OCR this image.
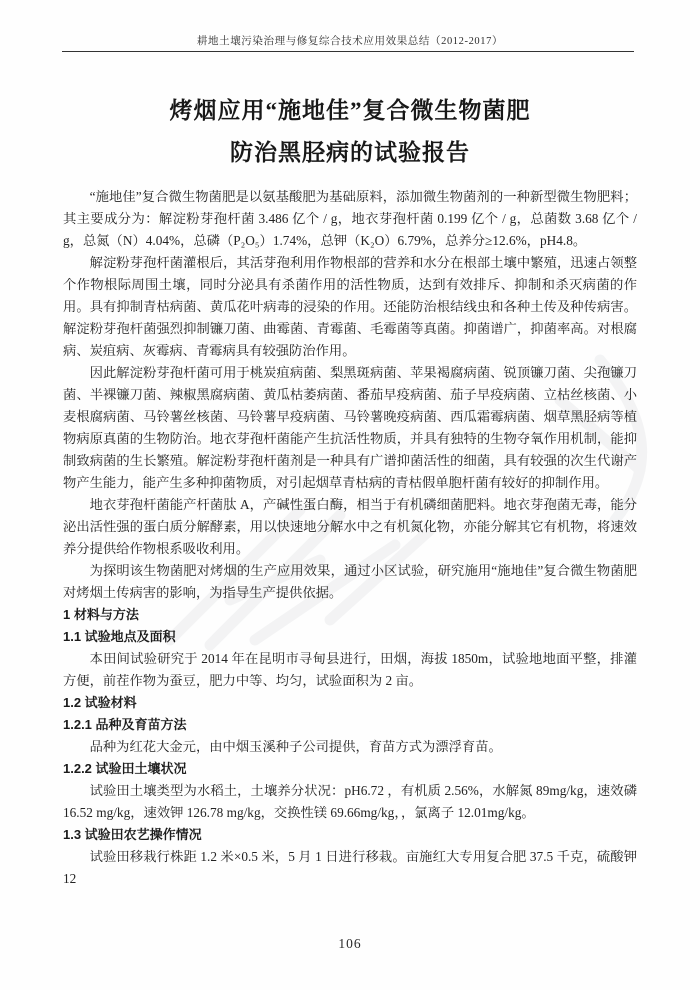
耕地土壤污染治理与修复综合技术应用效果总结（2012-2017）
烤烟应用“施地佳”复合微生物菌肥
防治黑胫病的试验报告

“施地佳”复合微生物菌肥是以氨基酸肥为基础原料，添加微生物菌剂的一种新型微生物肥料；其主要成分为：解淀粉芽孢杆菌 3.486 亿个 / g，地衣芽孢杆菌 0.199 亿个 / g，总菌数 3.68 亿个 / g，总氮（N）4.04%，总磷（P₂O₅）1.74%，总钾（K₂O）6.79%，总养分≥12.6%，pH4.8。

解淀粉芽孢杆菌灌根后，其活芽孢利用作物根部的营养和水分在根部土壤中繁殖，迅速占领整个作物根际周围土壤，同时分泌具有杀菌作用的活性物质，达到有效排斥、抑制和杀灭病菌的作用。具有抑制青枯病菌、黄瓜花叶病毒的浸染的作用。还能防治根结线虫和各种土传及种传病害。解淀粉芽孢杆菌强烈抑制镰刀菌、曲霉菌、青霉菌、毛霉菌等真菌。抑菌谱广，抑菌率高。对根腐病、炭疽病、灰霉病、青霉病具有较强防治作用。

因此解淀粉芽孢杆菌可用于桃炭疽病菌、梨黑斑病菌、苹果褐腐病菌、锐顶镰刀菌、尖孢镰刀菌、半裸镰刀菌、辣椒黑腐病菌、黄瓜枯萎病菌、番茄早疫病菌、茄子早疫病菌、立枯丝核菌、小麦根腐病菌、马铃薯丝核菌、马铃薯早疫病菌、马铃薯晚疫病菌、西瓜霜霉病菌、烟草黑胫病等植物病原真菌的生物防治。地衣芽孢杆菌能产生抗活性物质，并具有独特的生物夺氧作用机制，能抑制致病菌的生长繁殖。解淀粉芽孢杆菌剂是一种具有广谱抑菌活性的细菌，具有较强的次生代谢产物产生能力，能产生多种抑菌物质，对引起烟草青枯病的青枯假单胞杆菌有较好的抑制作用。

地衣芽孢杆菌能产杆菌肽 A，产碱性蛋白酶，相当于有机磷细菌肥料。地衣芽孢菌无毒，能分泌出活性强的蛋白质分解酵素，用以快速地分解水中之有机氮化物，亦能分解其它有机物，将速效养分提供给作物根系吸收利用。

为探明该生物菌肥对烤烟的生产应用效果，通过小区试验，研究施用“施地佳”复合微生物菌肥对烤烟土传病害的影响，为指导生产提供依据。

1 材料与方法

1.1 试验地点及面积

本田间试验研究于 2014 年在昆明市寻甸县进行，田烟，海拔 1850m，试验地地面平整，排灌方便，前茬作物为蚕豆，肥力中等、均匀，试验面积为 2 亩。

1.2 试验材料

1.2.1 品种及育苗方法

品种为红花大金元，由中烟玉溪种子公司提供，育苗方式为漂浮育苗。

1.2.2 试验田土壤状况

试验田土壤类型为水稻土，土壤养分状况：pH6.72 ，有机质 2.56%，水解氮 89mg/kg，速效磷 16.52 mg/kg，速效钾 126.78 mg/kg，交换性镁 69.66mg/kg，，氯离子 12.01mg/kg。

1.3 试验田农艺操作情况

试验田移栽行株距 1.2 米×0.5 米，5 月 1 日进行移栽。亩施红大专用复合肥 37.5 千克，硫酸钾 12

106
